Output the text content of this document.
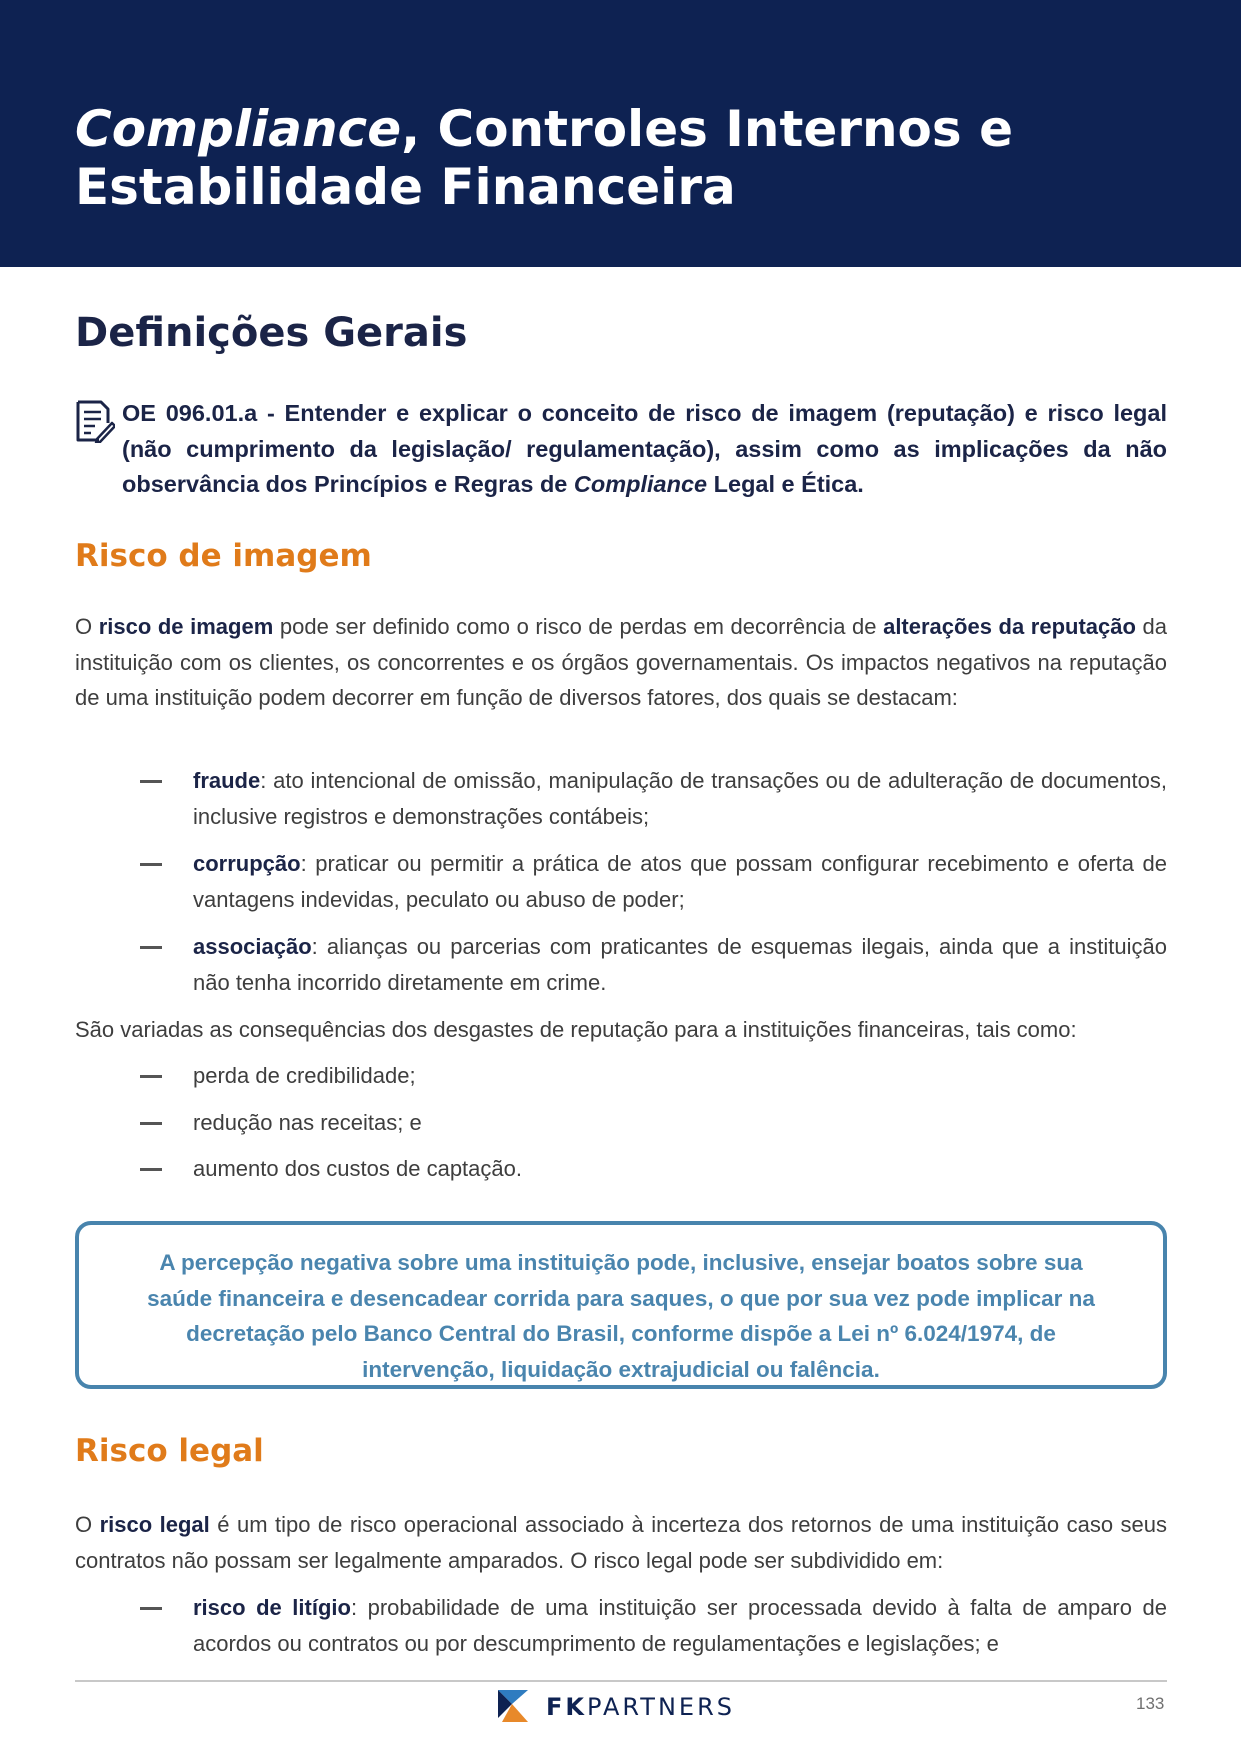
Compliance, Controles Internos e
Estabilidade Financeira
Definições Gerais

OE 096.01.a - Entender e explicar o conceito de risco de imagem (reputação) e risco legal (não cumprimento da legislação/ regulamentação), assim como as implicações da não observância dos Princípios e Regras de Compliance Legal e Ética.

Risco de imagem

O risco de imagem pode ser definido como o risco de perdas em decorrência de alterações da reputação da instituição com os clientes, os concorrentes e os órgãos governamentais. Os impactos negativos na reputação de uma instituição podem decorrer em função de diversos fatores, dos quais se destacam:

fraude: ato intencional de omissão, manipulação de transações ou de adulteração de documentos, inclusive registros e demonstrações contábeis;
corrupção: praticar ou permitir a prática de atos que possam configurar recebimento e oferta de vantagens indevidas, peculato ou abuso de poder;
associação: alianças ou parcerias com praticantes de esquemas ilegais, ainda que a instituição não tenha incorrido diretamente em crime.

São variadas as consequências dos desgastes de reputação para a instituições financeiras, tais como:

perda de credibilidade;
redução nas receitas; e
aumento dos custos de captação.

A percepção negativa sobre uma instituição pode, inclusive, ensejar boatos sobre sua saúde financeira e desencadear corrida para saques, o que por sua vez pode implicar na decretação pelo Banco Central do Brasil, conforme dispõe a Lei nº 6.024/1974, de intervenção, liquidação extrajudicial ou falência.

Risco legal

O risco legal é um tipo de risco operacional associado à incerteza dos retornos de uma instituição caso seus contratos não possam ser legalmente amparados. O risco legal pode ser subdividido em:

risco de litígio: probabilidade de uma instituição ser processada devido à falta de amparo de acordos ou contratos ou por descumprimento de regulamentações e legislações; e
FKPARTNERS	133
